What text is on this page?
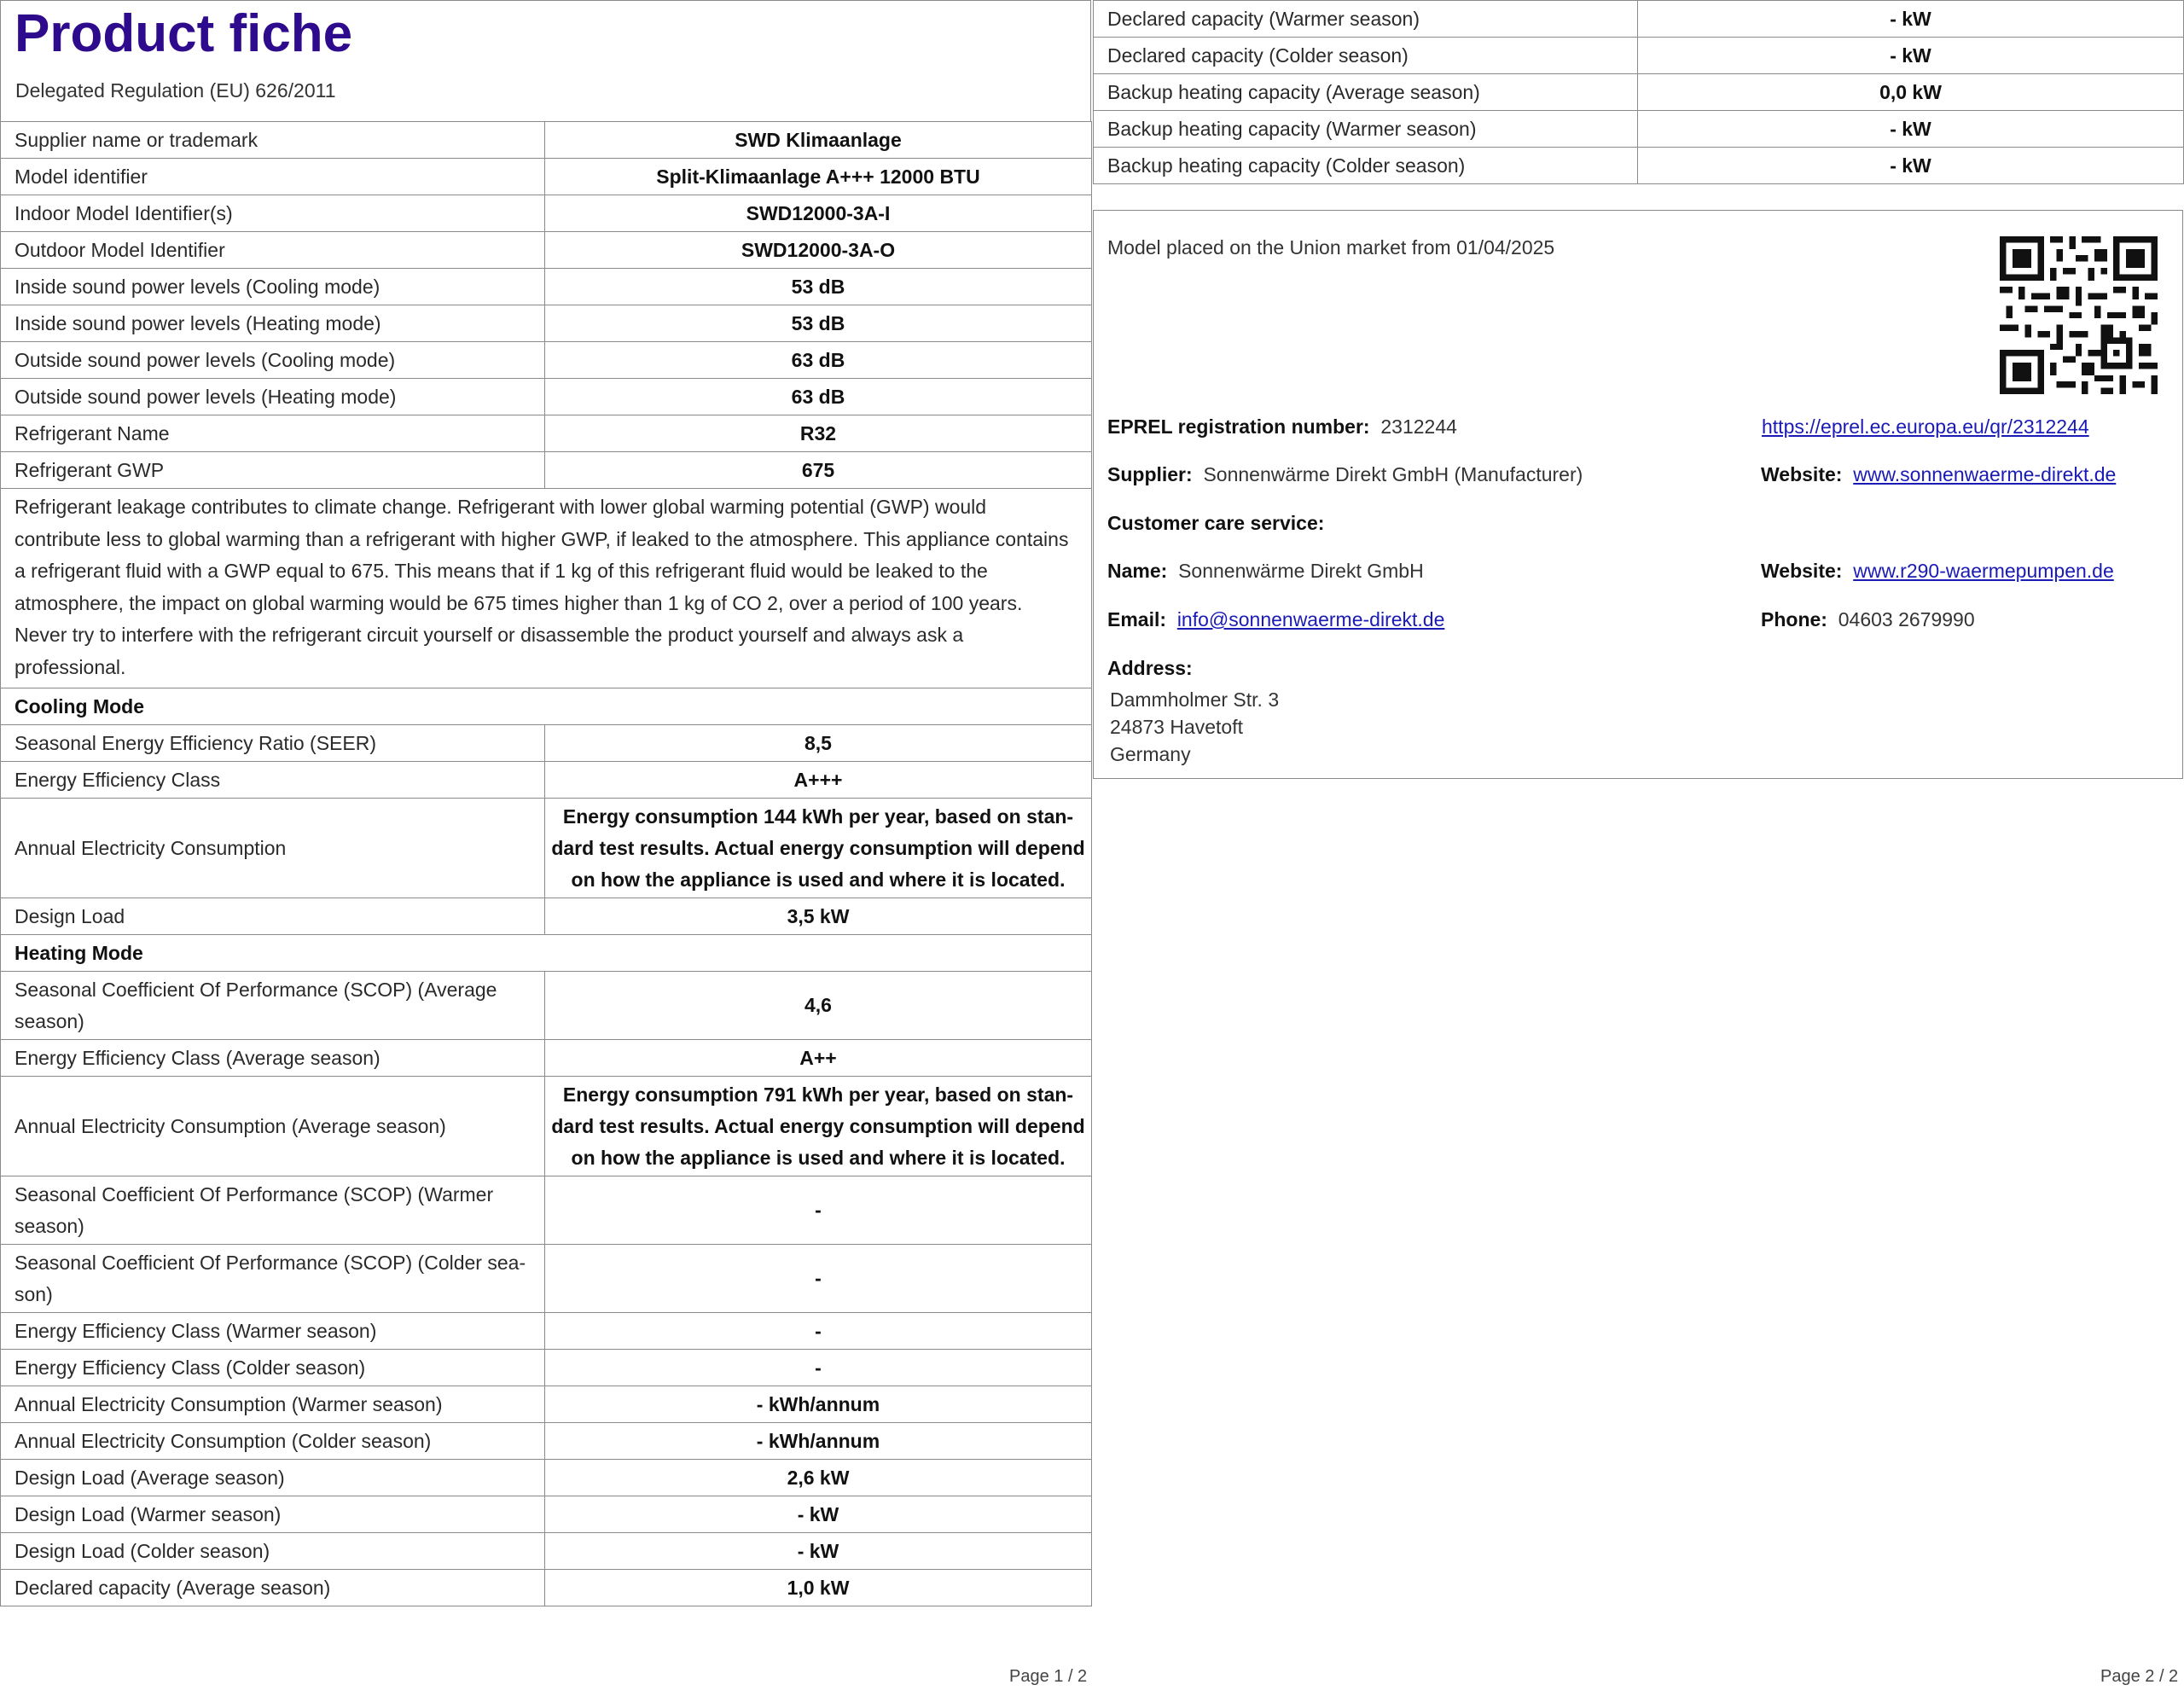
Product fiche
Delegated Regulation (EU) 626/2011
Supplier name or trademark	SWD Klimaanlage
Model identifier	Split-Klimaanlage A+++ 12000 BTU
Indoor Model Identifier(s)	SWD12000-3A-I
Outdoor Model Identifier	SWD12000-3A-O
Inside sound power levels (Cooling mode)	53 dB
Inside sound power levels (Heating mode)	53 dB
Outside sound power levels (Cooling mode)	63 dB
Outside sound power levels (Heating mode)	63 dB
Refrigerant Name	R32
Refrigerant GWP	675
Refrigerant leakage contributes to climate change. Refrigerant with lower global warming potential (GWP) would contribute less to global warming than a refrigerant with higher GWP, if leaked to the atmosphere. This appliance contains a refrigerant fluid with a GWP equal to 675. This means that if 1 kg of this refrigerant fluid would be leaked to the atmosphere, the impact on global warming would be 675 times higher than 1 kg of CO 2, over a period of 100 years. Never try to interfere with the refrigerant circuit yourself or disassemble the product yourself and always ask a professional.	
Cooling Mode	
Seasonal Energy Efficiency Ratio (SEER)	8,5
Energy Efficiency Class	A+++
Annual Electricity Consumption	Energy consumption 144 kWh per year, based on stan-dard test results. Actual energy consumption will depend on how the appliance is used and where it is located.
Design Load	3,5 kW
Heating Mode	
Seasonal Coefficient Of Performance (SCOP) (Average season)	4,6
Energy Efficiency Class (Average season)	A++
Annual Electricity Consumption (Average season)	Energy consumption 791 kWh per year, based on stan-dard test results. Actual energy consumption will depend on how the appliance is used and where it is located.
Seasonal Coefficient Of Performance (SCOP) (Warmer season)	-
Seasonal Coefficient Of Performance (SCOP) (Colder sea-son)	-
Energy Efficiency Class (Warmer season)	-
Energy Efficiency Class (Colder season)	-
Annual Electricity Consumption (Warmer season)	- kWh/annum
Annual Electricity Consumption (Colder season)	- kWh/annum
Design Load (Average season)	2,6 kW
Design Load (Warmer season)	- kW
Design Load (Colder season)	- kW
Declared capacity (Average season)	1,0 kW
Page 1 / 2
Declared capacity (Warmer season)	- kW
Declared capacity (Colder season)	- kW
Backup heating capacity (Average season)	0,0 kW
Backup heating capacity (Warmer season)	- kW
Backup heating capacity (Colder season)	- kW
Model placed on the Union market from 01/04/2025
EPREL registration number: 2312244	https://eprel.ec.europa.eu/qr/2312244
Supplier: Sonnenwärme Direkt GmbH (Manufacturer)	Website: www.sonnenwaerme-direkt.de
Customer care service:
Name: Sonnenwärme Direkt GmbH	Website: www.r290-waermepumpen.de
Email: info@sonnenwaerme-direkt.de	Phone: 04603 2679990
Address:
Dammholmer Str. 3
24873 Havetoft
Germany
Page 2 / 2
